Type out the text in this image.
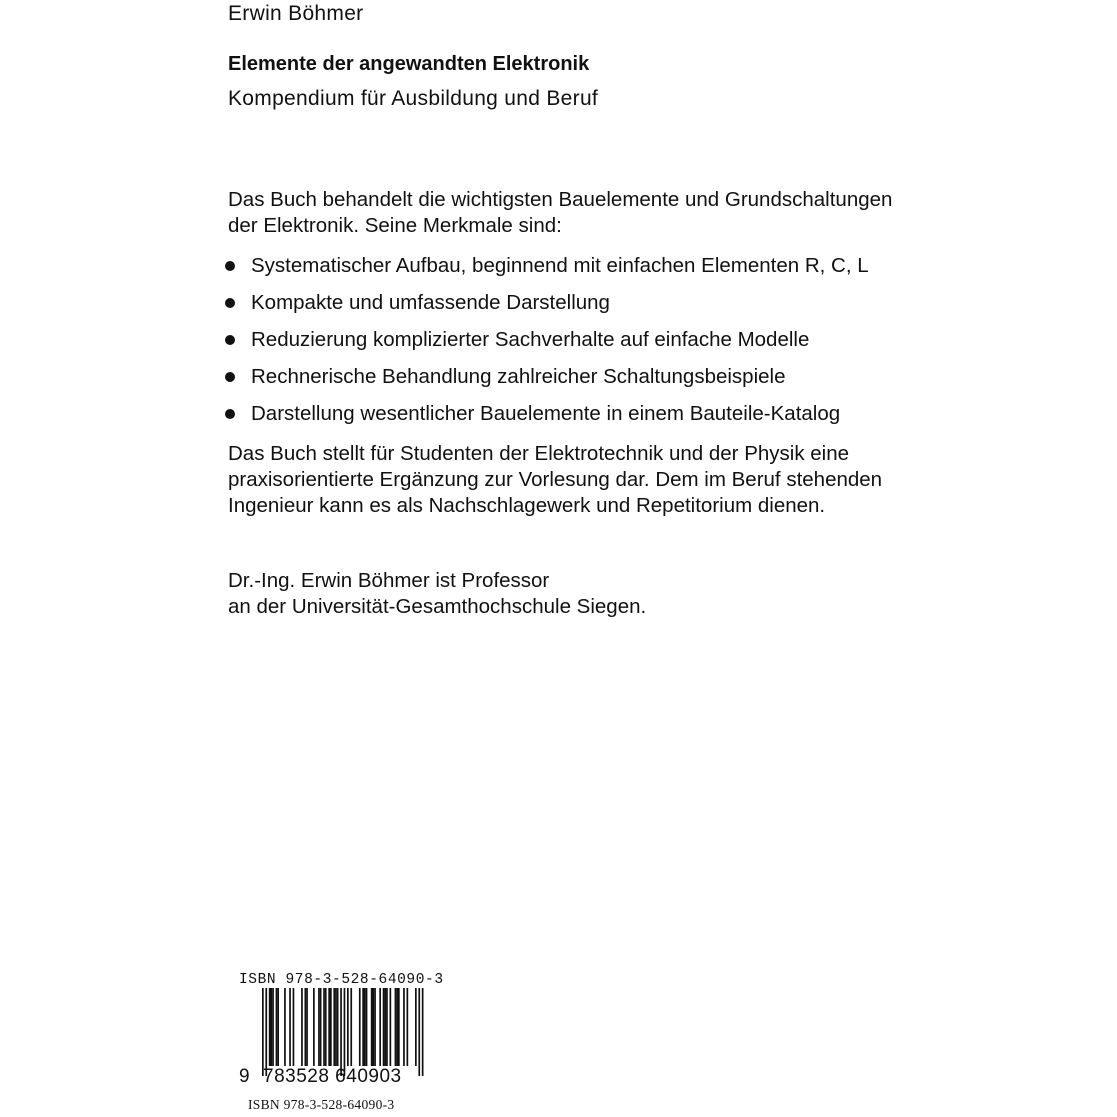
Erwin Böhmer
Elemente der angewandten Elektronik
Kompendium für Ausbildung und Beruf

Das Buch behandelt die wichtigsten Bauelemente und Grundschaltungen
der Elektronik. Seine Merkmale sind:

Systematischer Aufbau, beginnend mit einfachen Elementen R, C, L
Kompakte und umfassende Darstellung
Reduzierung komplizierter Sachverhalte auf einfache Modelle
Rechnerische Behandlung zahlreicher Schaltungsbeispiele
Darstellung wesentlicher Bauelemente in einem Bauteile-Katalog

Das Buch stellt für Studenten der Elektrotechnik und der Physik eine
praxisorientierte Ergänzung zur Vorlesung dar. Dem im Beruf stehenden
Ingenieur kann es als Nachschlagewerk und Repetitorium dienen.

Dr.-Ing. Erwin Böhmer ist Professor
an der Universität-Gesamthochschule Siegen.

ISBN 978-3-528-64090-3
9 783528 640903
ISBN 978-3-528-64090-3
